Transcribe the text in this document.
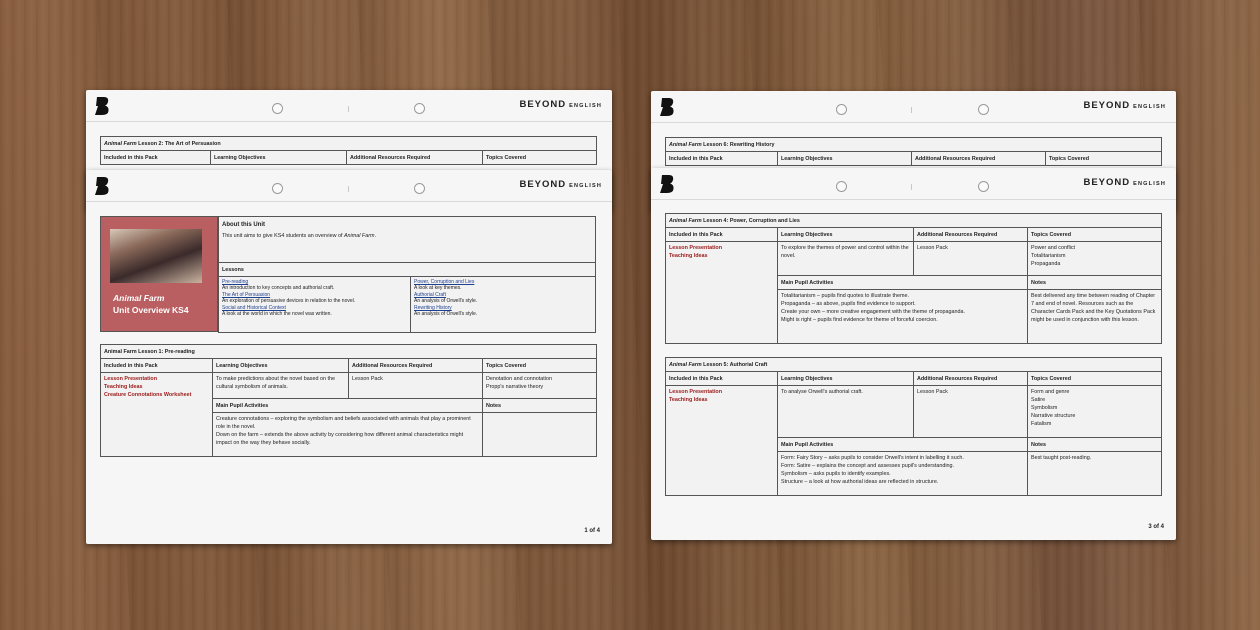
BEYOND ENGLISH
Animal Farm Lesson 2: The Art of Persuasion
Included in this Pack	Learning Objectives	Additional Resources Required	Topics Covered
BEYOND ENGLISH
Animal Farm
Unit Overview KS4
About this Unit
This unit aims to give KS4 students an overview of Animal Farm.
Lessons

Pre-reading
An introduction to key concepts and authorial craft.
The Art of Persuasion
An exploration of persuasive devices in relation to the novel.
Social and Historical Context
A look at the world in which the novel was written.

Power, Corruption and Lies
A look at key themes.
Authorial Craft
An analysis of Orwell's style.
Rewriting History
An analysis of Orwell's style.
Animal Farm Lesson 1: Pre-reading			
Included in this Pack	Learning Objectives	Additional Resources Required	Topics Covered

Lesson Presentation
Teaching Ideas
Creature Connotations Worksheet	To make predictions about the novel based on the cultural symbolism of animals.	Lesson Pack	Denotation and connotation
Propp's narrative theory

	Main Pupil Activities		Notes

	Creature connotations – exploring the symbolism and beliefs associated with animals that play a prominent role in the novel.
Down on the farm – extends the above activity by considering how different animal characteristics might impact on the way they behave socially.		

1 of 4
BEYOND ENGLISH
Animal Farm Lesson 6: Rewriting History
Included in this Pack	Learning Objectives	Additional Resources Required	Topics Covered
BEYOND ENGLISH
Animal Farm Lesson 4: Power, Corruption and Lies			
Included in this Pack	Learning Objectives	Additional Resources Required	Topics Covered

Lesson Presentation
Teaching Ideas	To explore the themes of power and control within the novel.	Lesson Pack	Power and conflict
Totalitarianism
Propaganda

	Main Pupil Activities		Notes

	Totalitarianism – pupils find quotes to illustrate theme.
Propaganda – as above, pupils find evidence to support.
Create your own – more creative engagement with the theme of propaganda.
Might is right – pupils find evidence for theme of forceful coercion.		Best delivered any time between reading of Chapter 7 and end of novel. Resources such as the Character Cards Pack and the Key Quotations Pack might be used in conjunction with this lesson.
Animal Farm Lesson 5: Authorial Craft			
Included in this Pack	Learning Objectives	Additional Resources Required	Topics Covered

Lesson Presentation
Teaching Ideas	To analyse Orwell's authorial craft.	Lesson Pack	Form and genre
Satire
Symbolism
Narrative structure
Fatalism

	Main Pupil Activities		Notes

	Form: Fairy Story – asks pupils to consider Orwell's intent in labelling it such.
Form: Satire – explains the concept and assesses pupil's understanding.
Symbolism – asks pupils to identify examples.
Structure – a look at how authorial ideas are reflected in structure.		Best taught post-reading.
3 of 4
